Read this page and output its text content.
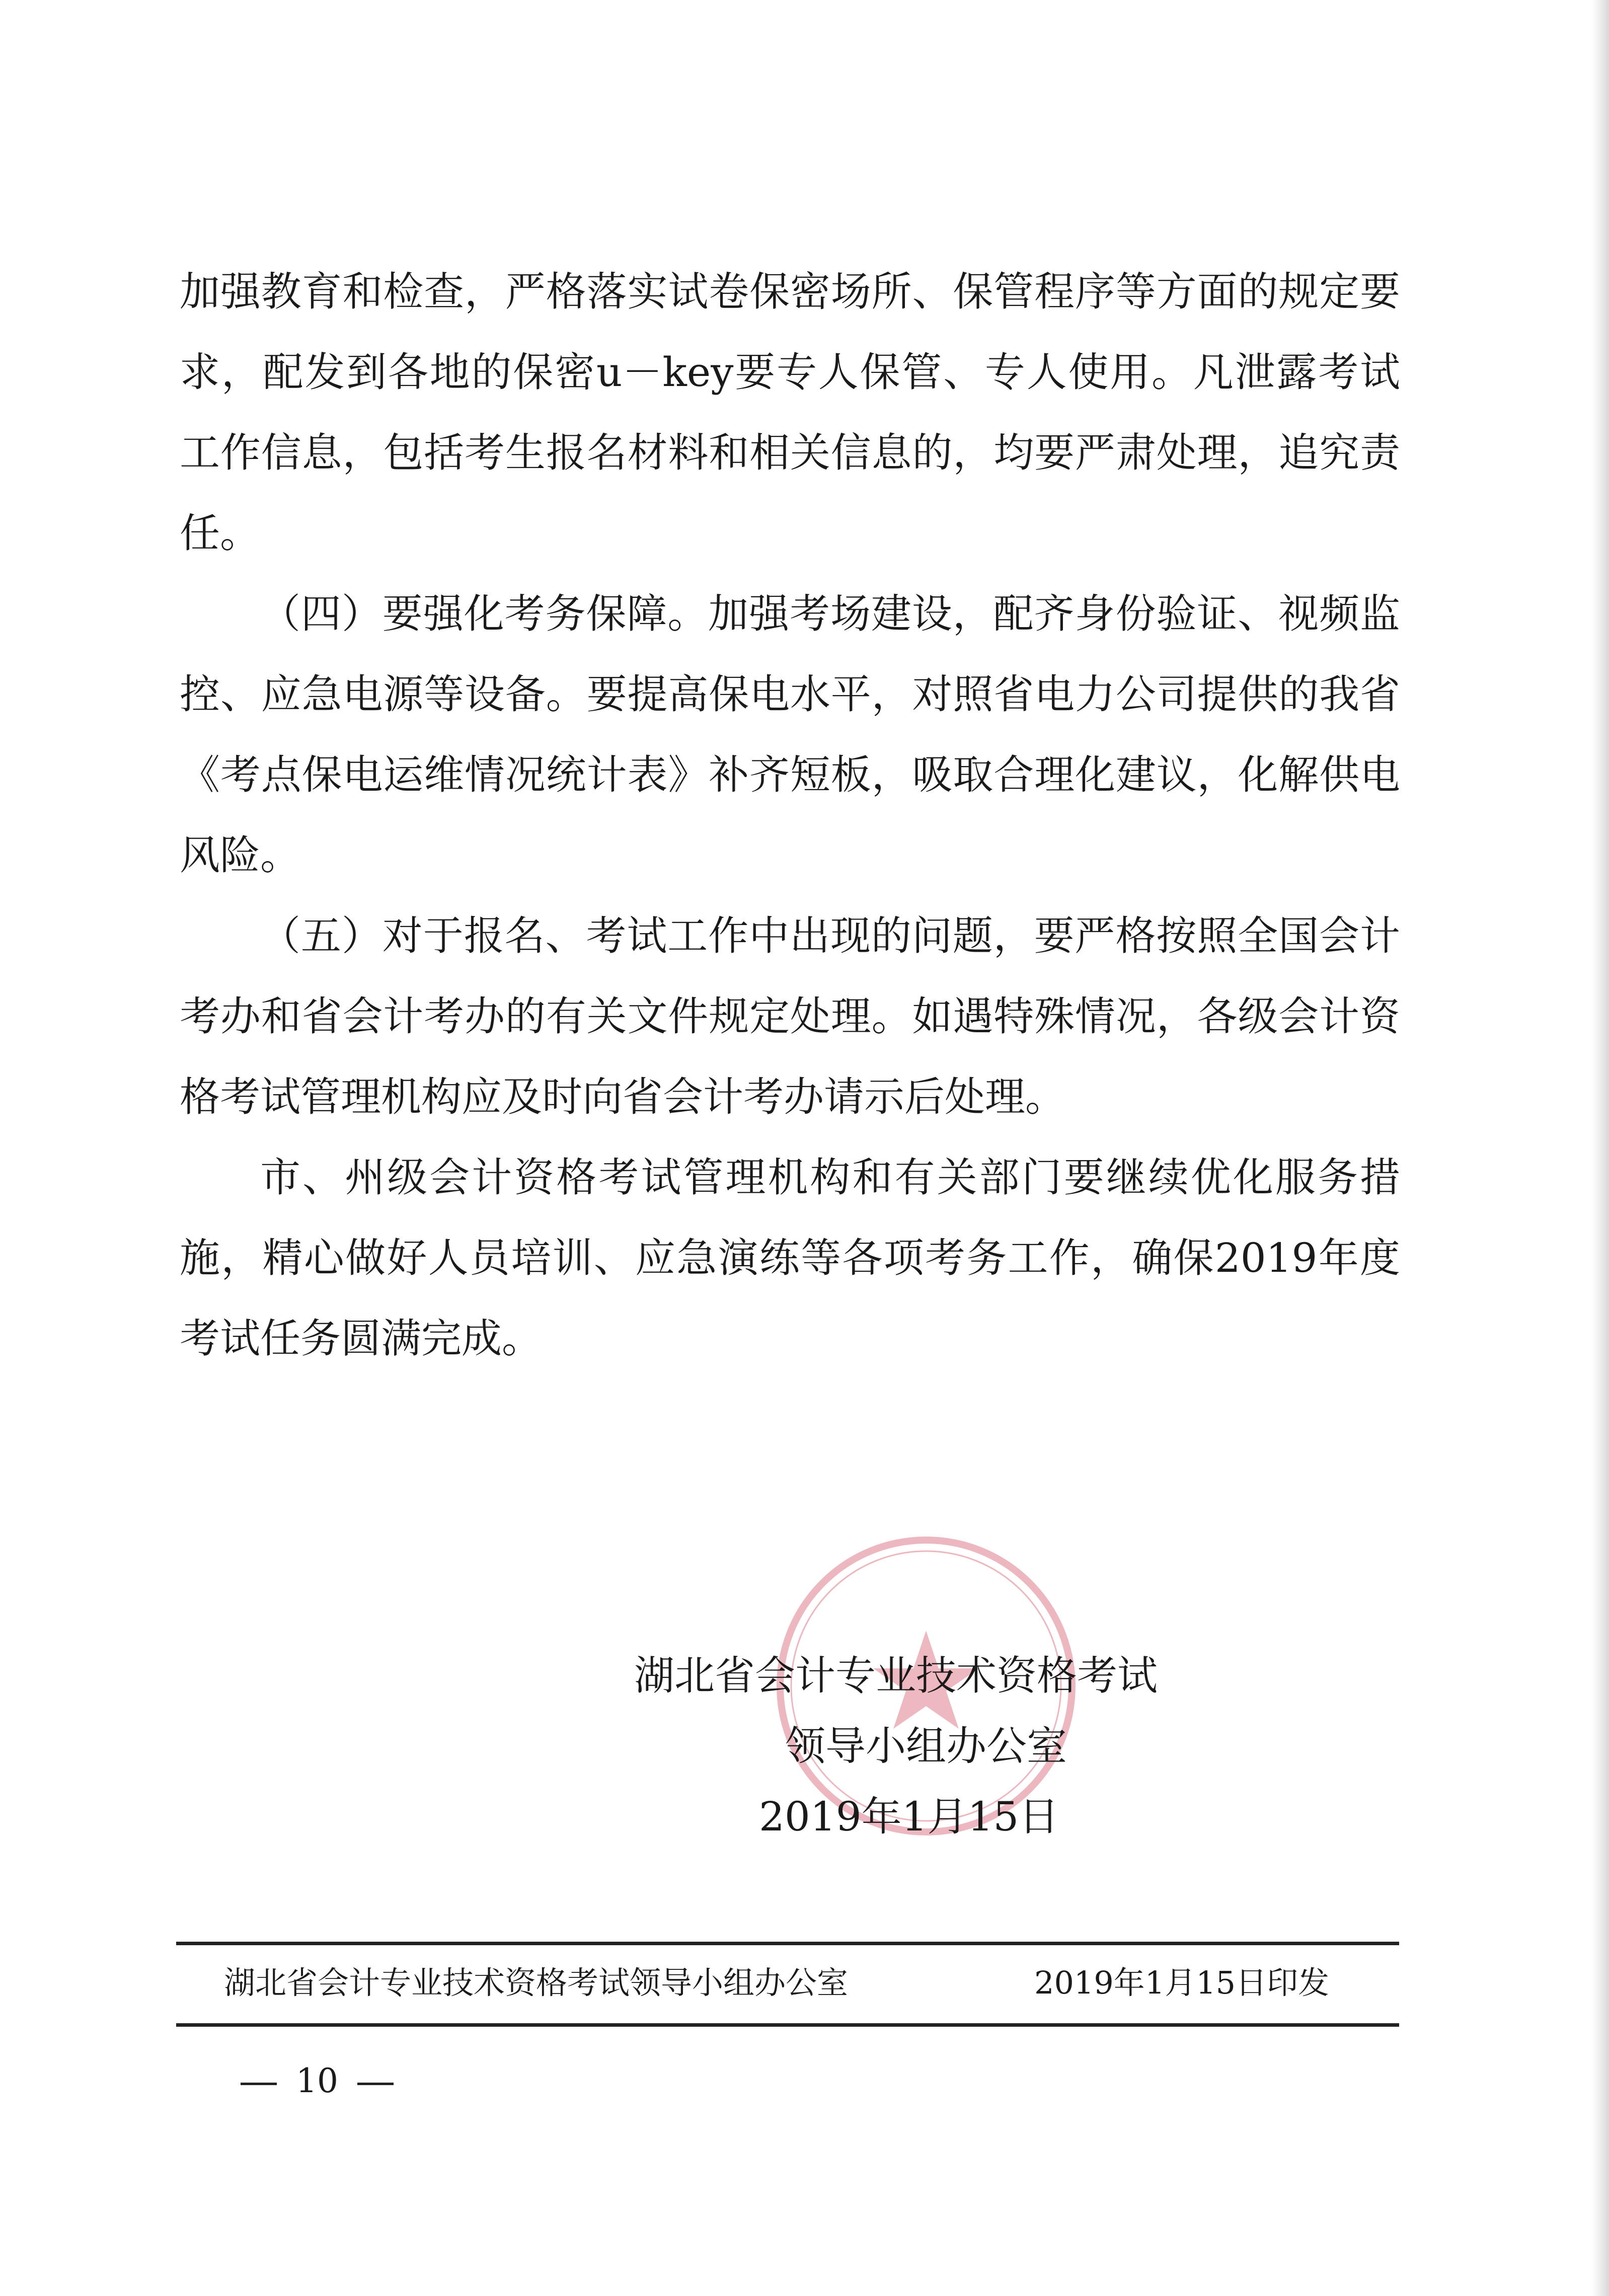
加强教育和检查，严格落实试卷保密场所、保管程序等方面的规定要求，配发到各地的保密u－key要专人保管、专人使用。凡泄露考试工作信息，包括考生报名材料和相关信息的，均要严肃处理，追究责任。

（四）要强化考务保障。加强考场建设，配齐身份验证、视频监控、应急电源等设备。要提高保电水平，对照省电力公司提供的我省《考点保电运维情况统计表》补齐短板，吸取合理化建议，化解供电风险。

（五）对于报名、考试工作中出现的问题，要严格按照全国会计考办和省会计考办的有关文件规定处理。如遇特殊情况，各级会计资格考试管理机构应及时向省会计考办请示后处理。

市、州级会计资格考试管理机构和有关部门要继续优化服务措施，精心做好人员培训、应急演练等各项考务工作，确保2019年度考试任务圆满完成。

湖北省会计专业技术资格考试
领导小组办公室
2019年1月15日
湖北省会计专业技术资格考试领导小组办公室	2019年1月15日印发
10
